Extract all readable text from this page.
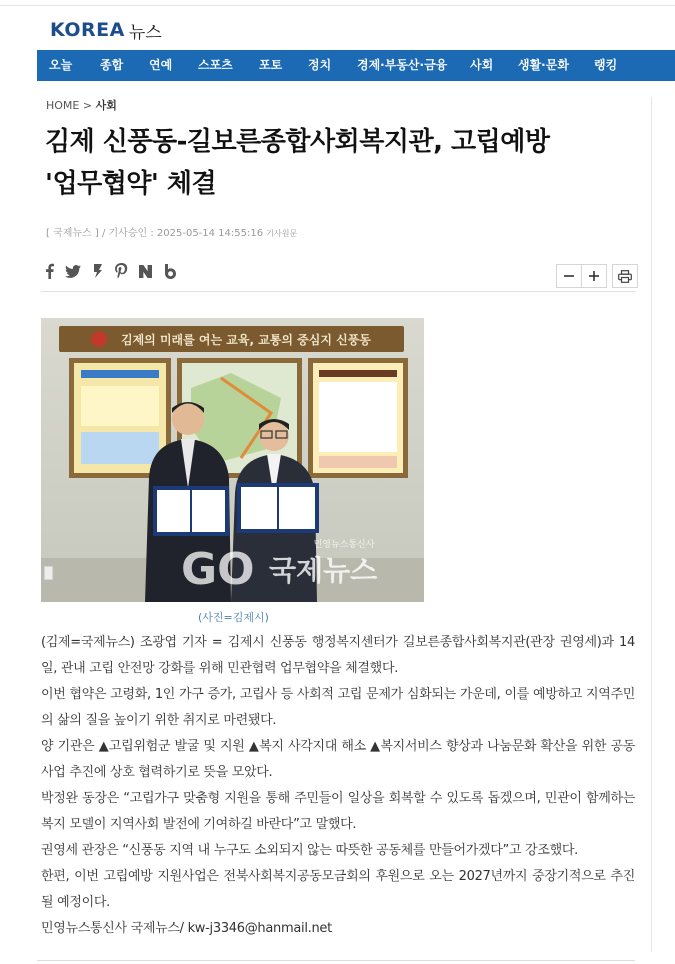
KOREA 뉴스
오늘 종합 연예 스포츠 포토 정치 경제·부동산·금융 사회 생활·문화 랭킹
HOME > 사회
김제 신풍동-길보른종합사회복지관, 고립예방
'업무협약' 체결
[ 국제뉴스 ] / 기사승인 : 2025-05-14 14:55:16 기사원문
김제의 미래를 여는 교육, 교통의 중심지 신풍동
민영뉴스통신사
GO 국제뉴스
(사진=김제시)

(김제=국제뉴스) 조광엽 기자 = 김제시 신풍동 행정복지센터가 길보른종합사회복지관(관장 권영세)과 14일, 관내 고립 안전망 강화를 위해 민관협력 업무협약을 체결했다.

이번 협약은 고령화, 1인 가구 증가, 고립사 등 사회적 고립 문제가 심화되는 가운데, 이를 예방하고 지역주민의 삶의 질을 높이기 위한 취지로 마련됐다.

양 기관은 ▲고립위험군 발굴 및 지원 ▲복지 사각지대 해소 ▲복지서비스 향상과 나눔문화 확산을 위한 공동사업 추진에 상호 협력하기로 뜻을 모았다.

박정완 동장은 “고립가구 맞춤형 지원을 통해 주민들이 일상을 회복할 수 있도록 돕겠으며, 민관이 함께하는 복지 모델이 지역사회 발전에 기여하길 바란다”고 말했다.

권영세 관장은 “신풍동 지역 내 누구도 소외되지 않는 따뜻한 공동체를 만들어가겠다”고 강조했다.

한편, 이번 고립예방 지원사업은 전북사회복지공동모금회의 후원으로 오는 2027년까지 중장기적으로 추진될 예정이다.

민영뉴스통신사 국제뉴스/ kw-j3346@hanmail.net
